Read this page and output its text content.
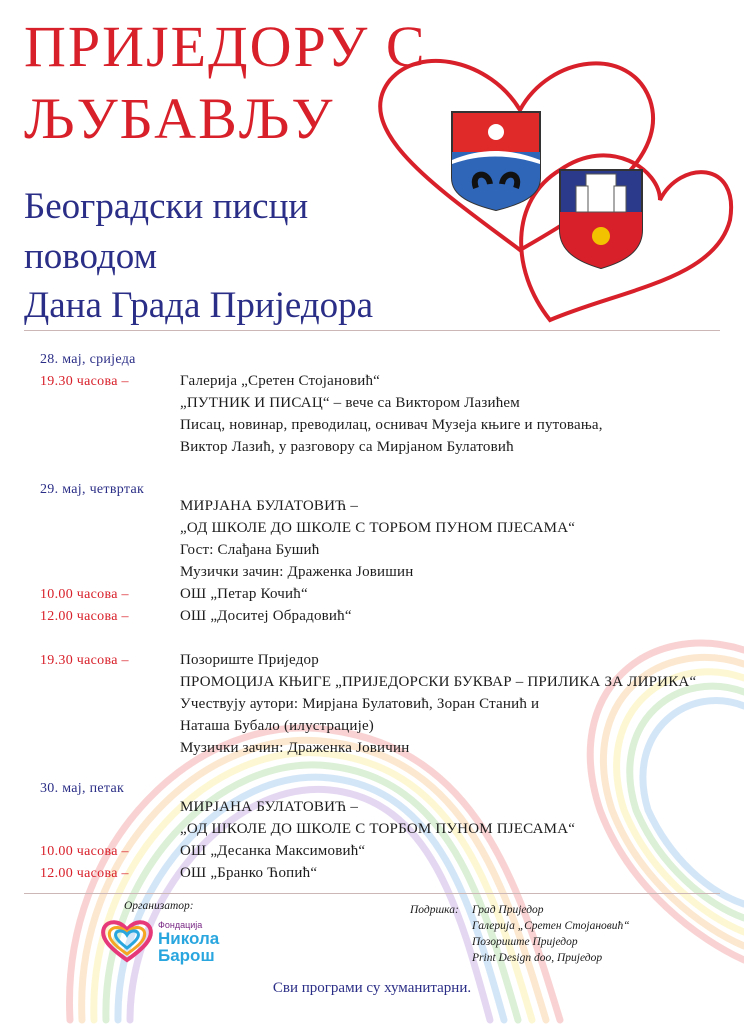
ПРИЈЕДОРУ С
ЉУБАВЉУ
Београдски писци
поводом
Дана Града Приједора
28. мај, сриједа
19.30 часова –	Галерија „Сретен Стојановић“
„ПУТНИК И ПИСАЦ“ – вече са Виктором Лазићем
Писац, новинар, преводилац, оснивач Музеја књиге и путовања,
Виктор Лазић, у разговору са Мирјаном Булатовић
29. мај, четвртак
МИРЈАНА БУЛАТОВИЋ –
„ОД ШКОЛЕ ДО ШКОЛЕ С ТОРБОМ ПУНОМ ПЈЕСАМА“
Гост: Слађана Бушић
Музички зачин: Драженка Јовишин
10.00 часова –	ОШ „Петар Кочић“
12.00 часова –	ОШ „Доситеј Обрадовић“
19.30 часова –	Позориште Приједор
ПРОМОЦИЈА КЊИГЕ „ПРИЈЕДОРСКИ БУКВАР – ПРИЛИКА ЗА ЛИРИКА“
Учествују аутори: Мирјана Булатовић, Зоран Станић и
Наташа Бубало (илустрације)
Музички зачин: Драженка Јовичин
30. мај, петак
МИРЈАНА БУЛАТОВИЋ –
„ОД ШКОЛЕ ДО ШКОЛЕ С ТОРБОМ ПУНОМ ПЈЕСАМА“
10.00 часова –	ОШ „Десанка Максимовић“
12.00 часова –	ОШ „Бранко Ћопић“
Организатор:
Фондација
Никола
Барош
Подршка: Град Приједор
Галерија „Сретен Стојановић“
Позориште Приједор
Print Design doo, Приједор
Сви програми су хуманитарни.
